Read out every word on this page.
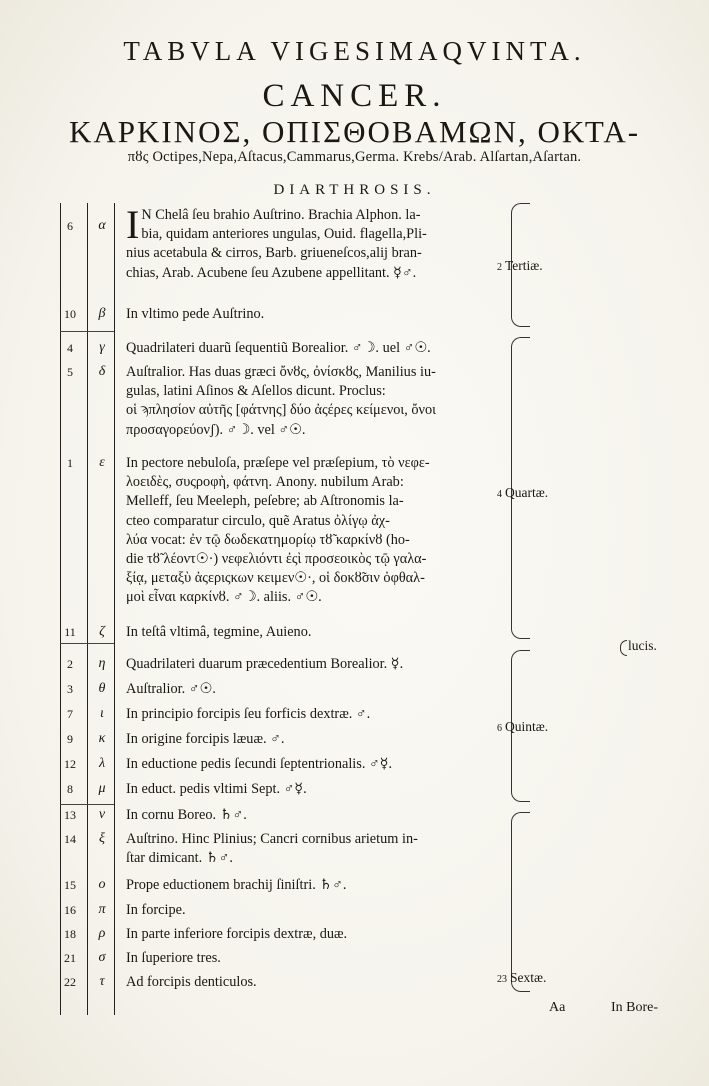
TABVLA VIGESIMAQVINTA.
CANCER.
ΚΑΡΚΙΝΟΣ, ΟΠΙΣΘΟΒΑΜΩΝ, ΟΚΤΑ-
πȣς Octipes,Nepa,Aſtacus,Cammarus,Germa. Krebs/Arab. Alſartan,Aſartan.
DIARTHROSIS.
6	α I N Chelâ ſeu brahio Auſtrino. Brachia Alphon. la-
bia, quidam anteriores ungulas, Ouid. flagella,Pli-
nius acetabula & cirros, Barb. griueneſcos,alij bran-
chias, Arab. Acubene ſeu Azubene appellitant. ☿♂.
10	β	In vltimo pede Auſtrino.
4	γ	Quadrilateri duarũ ſequentiũ Borealior. ♂☽. uel ♂☉.
5	δ	Auſtralior. Has duas græci ὄνȣς, ὀνίσκȣς, Manilius iu-
gulas, latini Aſinos & Aſellos dicunt. Proclus:
οἱ ϡπλησίον αὐτῆς [φάτνης] δύο ἀςέρες κείμενοι, ὄνοι
προσαγορεύονʃ). ♂☽. vel ♂☉.
1	ε	In pectore nebuloſa, præſepe vel præſepium, τὸ νεφε-
λοειδὲς, συςροφὴ, φάτνη. Anony. nubilum Arab:
Melleff, ſeu Meeleph, peſebre; ab Aſtronomis la-
cteo comparatur circulo, quẽ Aratus ὀλίγῳ ἀχ-
λύα vocat: ἐν τῷ δωδεκατημορίῳ τȣ̃ καρκίνȣ (ho-
die τȣ̃ λέοντ☉·) νεφελιόντι ἐςὶ προσεοικὸς τῷ γαλα-
ξίᾳ, μεταξὺ ἀςεριςκων κειμεν☉·, οἱ δοκȣ̃σιν ὀφθαλ-
μοὶ εἶναι καρκίνȣ. ♂☽. aliis. ♂☉.
11	ζ	In teſtâ vltimâ, tegmine, Auieno.
2	η	Quadrilateri duarum præcedentium Borealior. ☿.
3	θ	Auſtralior. ♂☉.
7	ι	In principio forcipis ſeu forficis dextræ. ♂.
9	κ	In origine forcipis læuæ. ♂.
12	λ	In eductione pedis ſecundi ſeptentrionalis. ♂☿.
8	μ	In educt. pedis vltimi Sept. ♂☿.
13	ν	In cornu Boreo. ♄♂.
14	ξ	Auſtrino. Hinc Plinius; Cancri cornibus arietum in-
ſtar dimicant. ♄♂.
15	ο	Prope eductionem brachij ſiniſtri. ♄♂.
16	π	In forcipe.
18	ρ	In parte inferiore forcipis dextræ, duæ.
21	σ	In ſuperiore tres.
22	τ	Ad forcipis denticulos.
2 Tertiæ.
4 Quartæ.
6 Quintæ.
23 Sextæ.
lucis.
Aa	In Bore-
